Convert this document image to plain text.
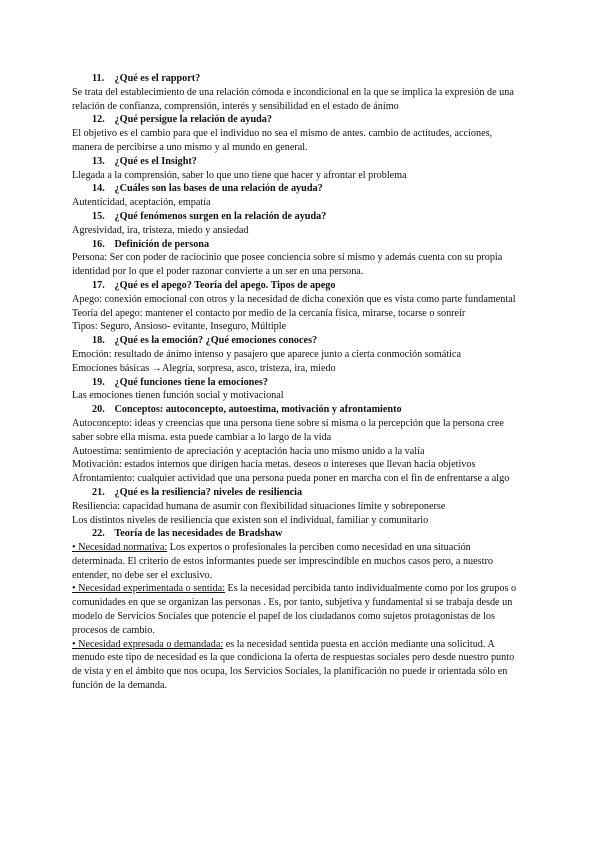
11. ¿Qué es el rapport?

Se trata del establecimiento de una relación cómoda e incondicional en la que se implica la expresión de una relación de confianza, comprensión, interés y sensibilidad en el estado de ánimo

12. ¿Qué persigue la relación de ayuda?

El objetivo es el cambio para que el individuo no sea el mismo de antes. cambio de actitudes, acciones, manera de percibirse a uno mismo y al mundo en general.

13. ¿Qué es el Insight?

Llegada a la comprensión, saber lo que uno tiene que hacer y afrontar el problema

14. ¿Cuáles son las bases de una relación de ayuda?

Autenticidad, aceptación, empatía

15. ¿Qué fenómenos surgen en la relación de ayuda?

Agresividad, ira, tristeza, miedo y ansiedad

16. Definición de persona

Persona: Ser con poder de raciocinio que posee conciencia sobre sí mismo y además cuenta con su propia identidad por lo que el poder razonar convierte a un ser en una persona.

17. ¿Qué es el apego? Teoría del apego. Tipos de apego

Apego: conexión emocional con otros y la necesidad de dicha conexión que es vista como parte fundamental

Teoría del apego: mantener el contacto por medio de la cercanía física, mirarse, tocarse o sonreír

Tipos: Seguro, Ansioso- evitante, Inseguro, Múltiple

18. ¿Qué es la emoción? ¿Qué emociones conoces?

Emoción: resultado de ánimo intenso y pasajero que aparece junto a cierta conmoción somática

Emociones básicas →Alegría, sorpresa, asco, tristeza, ira, miedo

19. ¿Qué funciones tiene la emociones?

Las emociones tienen función social y motivacional

20. Conceptos: autoconcepto, autoestima, motivación y afrontamiento

Autoconcepto: ideas y creencias que una persona tiene sobre sí misma o la percepción que la persona cree saber sobre ella misma. esta puede cambiar a lo largo de la vida

Autoestima: sentimiento de apreciación y aceptación hacia uno mismo unido a la valía

Motivación: estados internos que dirigen hacia metas. deseos o intereses que llevan hacia objetivos

Afrontamiento: cualquier actividad que una persona pueda poner en marcha con el fin de enfrentarse a algo

21. ¿Qué es la resiliencia? niveles de resiliencia

Resiliencia: capacidad humana de asumir con flexibilidad situaciones límite y sobreponerse

Los distintos niveles de resiliencia que existen son el individual, familiar y comunitario

22. Teoría de las necesidades de Bradshaw

• Necesidad normativa: Los expertos o profesionales la perciben como necesidad en una situación determinada. El criterio de estos informantes puede ser imprescindible en muchos casos pero, a nuestro entender, no debe ser el exclusivo.

• Necesidad experimentada o sentida: Es la necesidad percibida tanto individualmente como por los grupos o comunidades en que se organizan las personas . Es, por tanto, subjetiva y fundamental si se trabaja desde un modelo de Servicios Sociales que potencie el papel de los ciudadanos como sujetos protagonistas de los procesos de cambio.

• Necesidad expresada o demandada: es la necesidad sentida puesta en acción mediante una solicitud. A menudo este tipo de necesidad es la que condiciona la oferta de respuestas sociales pero desde nuestro punto de vista y en el ámbito que nos ocupa, los Servicios Sociales, la planificación no puede ir orientada sólo en función de la demanda.
